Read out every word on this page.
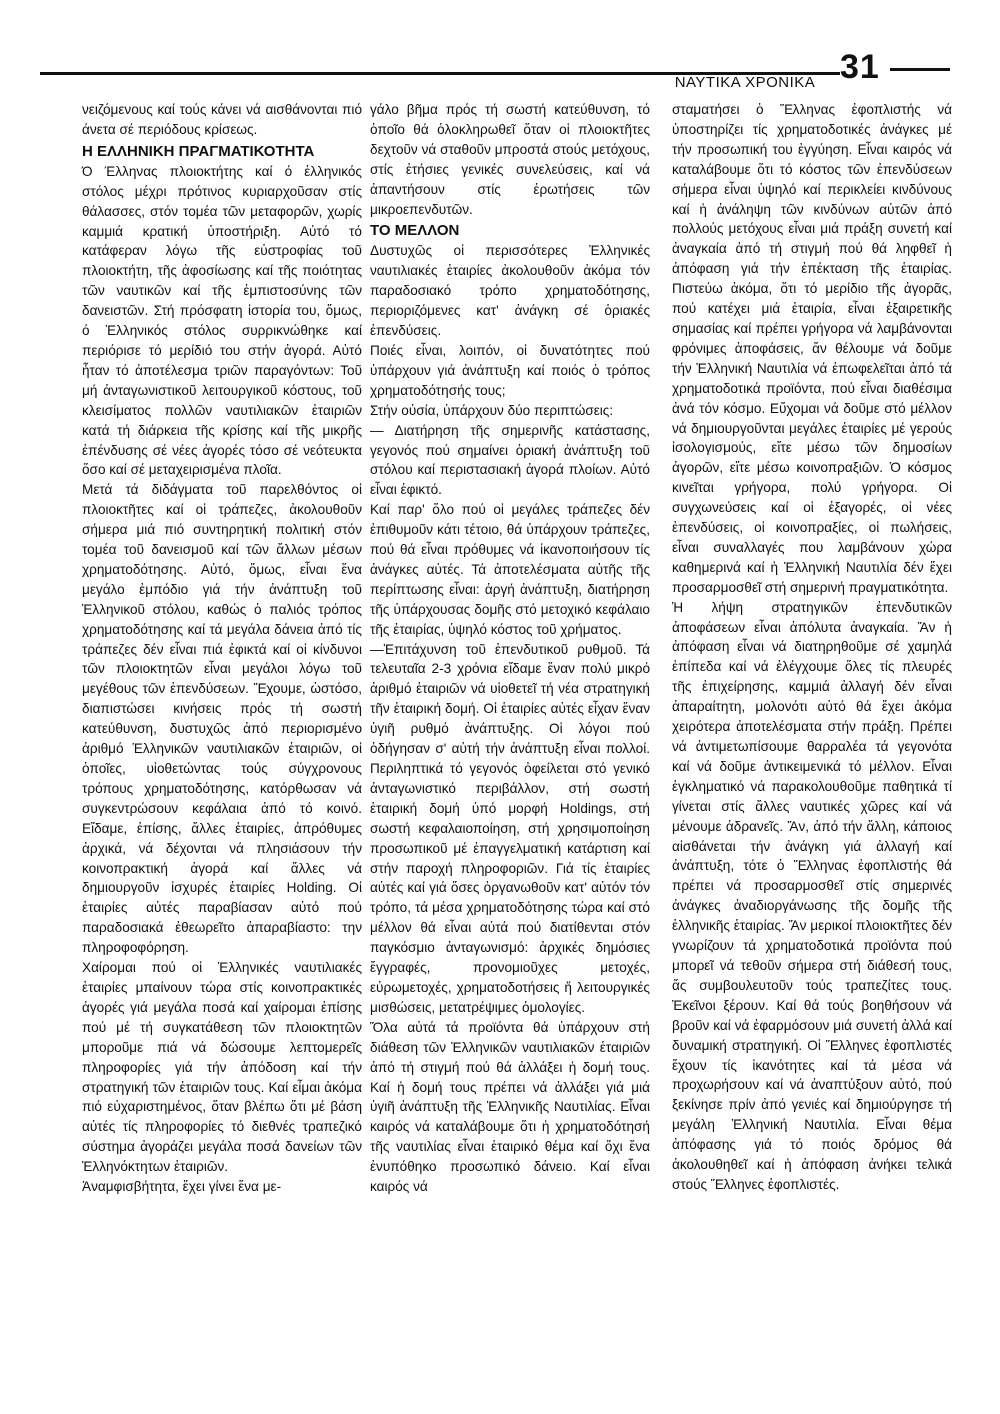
ΝΑΥΤΙΚΑ ΧΡΟΝΙΚΑ 31

νειζόμενους καί τούς κάνει νά αισθάνονται πιό άνετα σέ περιόδους κρίσεως.

Η ΕΛΛΗΝΙΚΗ ΠΡΑΓΜΑΤΙΚΟΤΗΤΑ

Ό Έλληνας πλοιοκτήτης καί ό ἑλληνικός στόλος μέχρι πρότινος κυριαρχοῦσαν στίς θάλασσες, στόν τομέα τῶν μεταφορῶν, χωρίς καμμιά κρατική ὑποστήριξη. Αὐτό τό κατάφεραν λόγω τῆς εὐστροφίας τοῦ πλοιοκτήτη, τῆς ἀφοσίωσης καί τῆς ποιότητας τῶν ναυτικῶν καί τῆς ἐμπιστοσύνης τῶν δανειστῶν. Στή πρόσφατη ἱστορία του, ὅμως, ό Ἑλληνικός στόλος συρρικνώθηκε καί περιόρισε τό μερίδιό του στήν ἀγορά. Αὐτό ἦταν τό ἀποτέλεσμα τριῶν παραγόντων: Τοῦ μή ἀνταγωνιστικοῦ λειτουργικοῦ κόστους, τοῦ κλεισίματος πολλῶν ναυτιλιακῶν ἑταιριῶν κατά τή διάρκεια τῆς κρίσης καί τῆς μικρῆς ἐπένδυσης σέ νέες ἀγορές τόσο σέ νεότευκτα ὅσο καί σέ μεταχειρισμένα πλοῖα.

Μετά τά διδάγματα τοῦ παρελθόντος οἱ πλοιοκτῆτες καί οἱ τράπεζες, ἀκολουθοῦν σήμερα μιά πιό συντηρητική πολιτική στόν τομέα τοῦ δανεισμοῦ καί τῶν ἄλλων μέσων χρηματοδότησης. Αὐτό, ὅμως, εἶναι ἕνα μεγάλο ἐμπόδιο γιά τήν ἀνάπτυξη τοῦ Ἑλληνικοῦ στόλου, καθώς ὁ παλιός τρόπος χρηματοδότησης καί τά μεγάλα δάνεια ἀπό τίς τράπεζες δέν εἶναι πιά ἐφικτά καί οἱ κίνδυνοι τῶν πλοιοκτητῶν εἶναι μεγάλοι λόγω τοῦ μεγέθους τῶν ἐπενδύσεων. Ἔχουμε, ὡστόσο, διαπιστώσει κινήσεις πρός τή σωστή κατεύθυνση, δυστυχῶς ἀπό περιορισμένο ἀριθμό Ἑλληνικῶν ναυτιλιακῶν ἑταιριῶν, οἱ ὁποῖες, υἱοθετώντας τούς σύγχρονους τρόπους χρηματοδότησης, κατόρθωσαν νά συγκεντρώσουν κεφάλαια ἀπό τό κοινό. Εἴδαμε, ἐπίσης, ἄλλες ἑταιρίες, ἀπρόθυμες ἀρχικά, νά δέχονται νά πλησιάσουν τήν κοινοπρακτική ἀγορά καί ἄλλες νά δημιουργοῦν ἰσχυρές ἑταιρίες Holding. Οἱ ἑταιρίες αὐτές παραβίασαν αὐτό πού παραδοσιακά ἐθεωρεῖτο ἀπαραβίαστο: την πληροφοφόρηση.

Χαίρομαι πού οἱ Ἑλληνικές ναυτιλιακές ἑταιρίες μπαίνουν τώρα στίς κοινοπρακτικές ἀγορές γιά μεγάλα ποσά καί χαίρομαι ἐπίσης πού μέ τή συγκατάθεση τῶν πλοιοκτητῶν μποροῦμε πιά νά δώσουμε λεπτομερεῖς πληροφορίες γιά τήν ἀπόδοση καί τήν στρατηγική τῶν ἑταιριῶν τους. Καί εἶμαι ἀκόμα πιό εὐχαριστημένος, ὅταν βλέπω ὅτι μέ βάση αὐτές τίς πληροφορίες τό διεθνές τραπεζικό σύστημα ἀγοράζει μεγάλα ποσά δανείων τῶν Ἑλληνόκτητων ἑταιριῶν.

Ἀναμφισβήτητα, ἔχει γίνει ἕνα με-

γάλο βῆμα πρός τή σωστή κατεύθυνση, τό ὁποῖο θά ὁλοκληρωθεῖ ὅταν οἱ πλοιοκτῆτες δεχτοῦν νά σταθοῦν μπροστά στούς μετόχους, στίς ἐτήσιες γενικές συνελεύσεις, καί νά ἀπαντήσουν στίς ἐρωτήσεις τῶν μικροεπενδυτῶν.

ΤΟ ΜΕΛΛΟΝ

Δυστυχῶς οἱ περισσότερες Ἑλληνικές ναυτιλιακές ἑταιρίες ἀκολουθοῦν ἀκόμα τόν παραδοσιακό τρόπο χρηματοδότησης, περιοριζόμενες κατ' ἀνάγκη σέ ὁριακές ἐπενδύσεις.

Ποιές εἶναι, λοιπόν, οἱ δυνατότητες πού ὑπάρχουν γιά ἀνάπτυξη καί ποιός ὁ τρόπος χρηματοδότησής τους;

Στήν οὐσία, ὑπάρχουν δύο περιπτώσεις:

— Διατήρηση τῆς σημερινῆς κατάστασης, γεγονός πού σημαίνει ὁριακή ἀνάπτυξη τοῦ στόλου καί περιστασιακή ἀγορά πλοίων. Αὐτό εἶναι ἐφικτό.

Καί παρ' ὅλο πού οἱ μεγάλες τράπεζες δέν ἐπιθυμοῦν κάτι τέτοιο, θά ὑπάρχουν τράπεζες, πού θά εἶναι πρόθυμες νά ἱκανοποιήσουν τίς ἀνάγκες αὐτές. Τά ἀποτελέσματα αὐτῆς τῆς περίπτωσης εἶναι: ἀργή ἀνάπτυξη, διατήρηση τῆς ὑπάρχουσας δομῆς στό μετοχικό κεφάλαιο τῆς ἑταιρίας, ὑψηλό κόστος τοῦ χρήματος.

—Ἐπιτάχυνση τοῦ ἐπενδυτικοῦ ρυθμοῦ. Τά τελευταῖα 2-3 χρόνια εἴδαμε ἕναν πολύ μικρό ἀριθμό ἑταιριῶν νά υἱοθετεῖ τή νέα στρατηγική τῆν ἑταιρική δομή. Οἱ ἑταιρίες αὐτές εἶχαν ἕναν ὑγιῆ ρυθμό ἀνάπτυξης. Οἱ λόγοι πού ὁδήγησαν σ' αὐτή τήν ἀνάπτυξη εἶναι πολλοί. Περιληπτικά τό γεγονός ὀφείλεται στό γενικό ἀνταγωνιστικό περιβάλλον, στή σωστή ἑταιρική δομή ὑπό μορφή Holdings, στή σωστή κεφαλαιοποίηση, στή χρησιμοποίηση προσωπικοῦ μέ ἐπαγγελματική κατάρτιση καί στήν παροχή πληροφοριῶν. Γιά τίς ἑταιρίες αὐτές καί γιά ὅσες ὀργανωθοῦν κατ' αὐτόν τόν τρόπο, τά μέσα χρηματοδότησης τώρα καί στό μέλλον θά εἶναι αὐτά πού διατίθενται στόν παγκόσμιο ἀνταγωνισμό: ἀρχικές δημόσιες ἔγγραφές, προνομιοῦχες μετοχές, εὐρωμετοχές, χρηματοδοτήσεις ἤ λειτουργικές μισθώσεις, μετατρέψιμες ὁμολογίες.

Ὅλα αὐτά τά προϊόντα θά ὑπάρχουν στή διάθεση τῶν Ἑλληνικῶν ναυτιλιακῶν ἑταιριῶν ἀπό τή στιγμή πού θά ἀλλάξει ἡ δομή τους. Καί ἡ δομή τους πρέπει νά ἀλλάξει γιά μιά ὑγιῆ ἀνάπτυξη τῆς Ἑλληνικῆς Ναυτιλίας. Εἶναι καιρός νά καταλάβουμε ὅτι ἡ χρηματοδότησή τῆς ναυτιλίας εἶναι ἑταιρικό θέμα καί ὄχι ἕνα ἐνυπόθηκο προσωπικό δάνειο. Καί εἶναι καιρός νά

σταματήσει ὁ Ἕλληνας ἐφοπλιστής νά ὑποστηρίζει τίς χρηματοδοτικές ἀνάγκες μέ τήν προσωπική του ἐγγύηση. Εἶναι καιρός νά καταλάβουμε ὅτι τό κόστος τῶν ἐπενδύσεων σήμερα εἶναι ὑψηλό καί περικλείει κινδύνους καί ἡ ἀνάληψη τῶν κινδύνων αὐτῶν ἀπό πολλούς μετόχους εἶναι μιά πράξη συνετή καί ἀναγκαία ἀπό τή στιγμή πού θά ληφθεῖ ἡ ἀπόφαση γιά τήν ἐπέκταση τῆς ἑταιρίας. Πιστεύω ἀκόμα, ὅτι τό μερίδιο τῆς ἀγορᾶς, πού κατέχει μιά ἑταιρία, εἶναι ἐξαιρετικῆς σημασίας καί πρέπει γρήγορα νά λαμβάνονται φρόνιμες ἀποφάσεις, ἄν θέλουμε νά δοῦμε τήν Ἑλληνική Ναυτιλία νά ἐπωφελεῖται ἀπό τά χρηματοδοτικά προϊόντα, πού εἶναι διαθέσιμα ἀνά τόν κόσμο. Εὔχομαι νά δοῦμε στό μέλλον νά δημιουργοῦνται μεγάλες ἑταιρίες μέ γερούς ἰσολογισμούς, εἴτε μέσω τῶν δημοσίων ἀγορῶν, εἴτε μέσω κοινοπραξιῶν. Ὁ κόσμος κινεῖται γρήγορα, πολύ γρήγορα. Οἱ συγχωνεύσεις καί οἱ ἐξαγορές, οἱ νέες ἐπενδύσεις, οἱ κοινοπραξίες, οἱ πωλήσεις, εἶναι συναλλαγές που λαμβάνουν χώρα καθημερινά καί ἡ Ἑλληνική Ναυτιλία δέν ἔχει προσαρμοσθεῖ στή σημερινή πραγματικότητα.

Ἡ λήψη στρατηγικῶν ἐπενδυτικῶν ἀποφάσεων εἶναι ἀπόλυτα ἀναγκαία. Ἄν ἡ ἀπόφαση εἶναι νά διατηρηθοῦμε σέ χαμηλά ἐπίπεδα καί νά ἐλέγχουμε ὅλες τίς πλευρές τῆς ἐπιχείρησης, καμμιά ἀλλαγή δέν εἶναι ἀπαραίτητη, μολονότι αὐτό θά ἔχει ἀκόμα χειρότερα ἀποτελέσματα στήν πράξη. Πρέπει νά ἀντιμετωπίσουμε θαρραλέα τά γεγονότα καί νά δοῦμε ἀντικειμενικά τό μέλλον. Εἶναι ἐγκληματικό νά παρακολουθοῦμε παθητικά τί γίνεται στίς ἄλλες ναυτικές χῶρες καί νά μένουμε ἀδρανεῖς. Ἄν, ἀπό τήν ἄλλη, κάποιος αἰσθάνεται τήν ἀνάγκη γιά ἀλλαγή καί ἀνάπτυξη, τότε ὁ Ἕλληνας ἐφοπλιστής θά πρέπει νά προσαρμοσθεῖ στίς σημερινές ἀνάγκες ἀναδιοργάνωσης τῆς δομῆς τῆς ἑλληνικῆς ἑταιρίας. Ἄν μερικοί πλοιοκτῆτες δέν γνωρίζουν τά χρηματοδοτικά προϊόντα πού μπορεῖ νά τεθοῦν σήμερα στή διάθεσή τους, ἄς συμβουλευτοῦν τούς τραπεζίτες τους. Ἐκεῖνοι ξέρουν. Καί θά τούς βοηθήσουν νά βροῦν καί νά ἐφαρμόσουν μιά συνετή ἀλλά καί δυναμική στρατηγική. Οἱ Ἕλληνες ἐφοπλιστές ἔχουν τίς ἱκανότητες καί τά μέσα νά προχωρήσουν καί νά ἀναπτύξουν αὐτό, πού ξεκίνησε πρίν ἀπό γενιές καί δημιούργησε τή μεγάλη Ἑλληνική Ναυτιλία. Εἶναι θέμα ἀπόφασης γιά τό ποιός δρόμος θά ἀκολουθηθεῖ καί ἡ ἀπόφαση ἀνήκει τελικά στούς Ἕλληνες ἐφοπλιστές.
